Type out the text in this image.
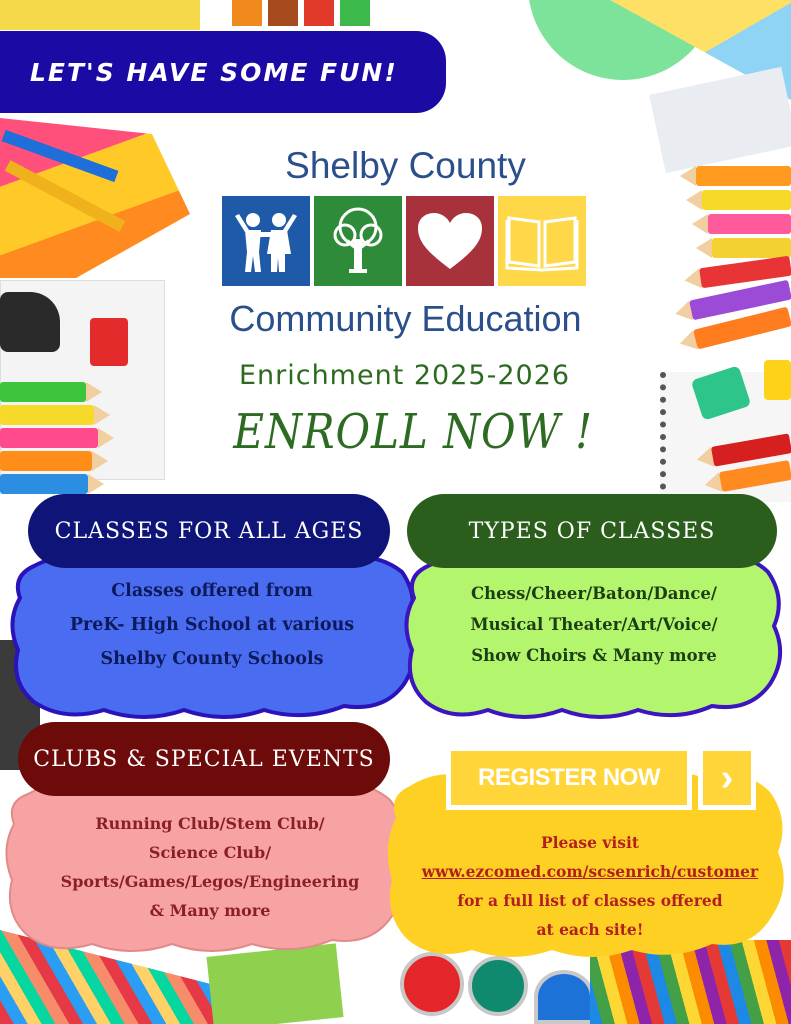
LET'S HAVE SOME FUN!
Shelby County
Community Education
Enrichment 2025-2026
ENROLL NOW !
CLASSES FOR ALL AGES
Classes offered from
PreK- High School at various
Shelby County Schools
TYPES OF CLASSES
Chess/Cheer/Baton/Dance/
Musical Theater/Art/Voice/
Show Choirs & Many more
CLUBS & SPECIAL EVENTS
Running Club/Stem Club/
Science Club/
Sports/Games/Legos/Engineering
& Many more
REGISTER NOW ›
Please visit
www.ezcomed.com/scsenrich/customer
for a full list of classes offered
at each site!
